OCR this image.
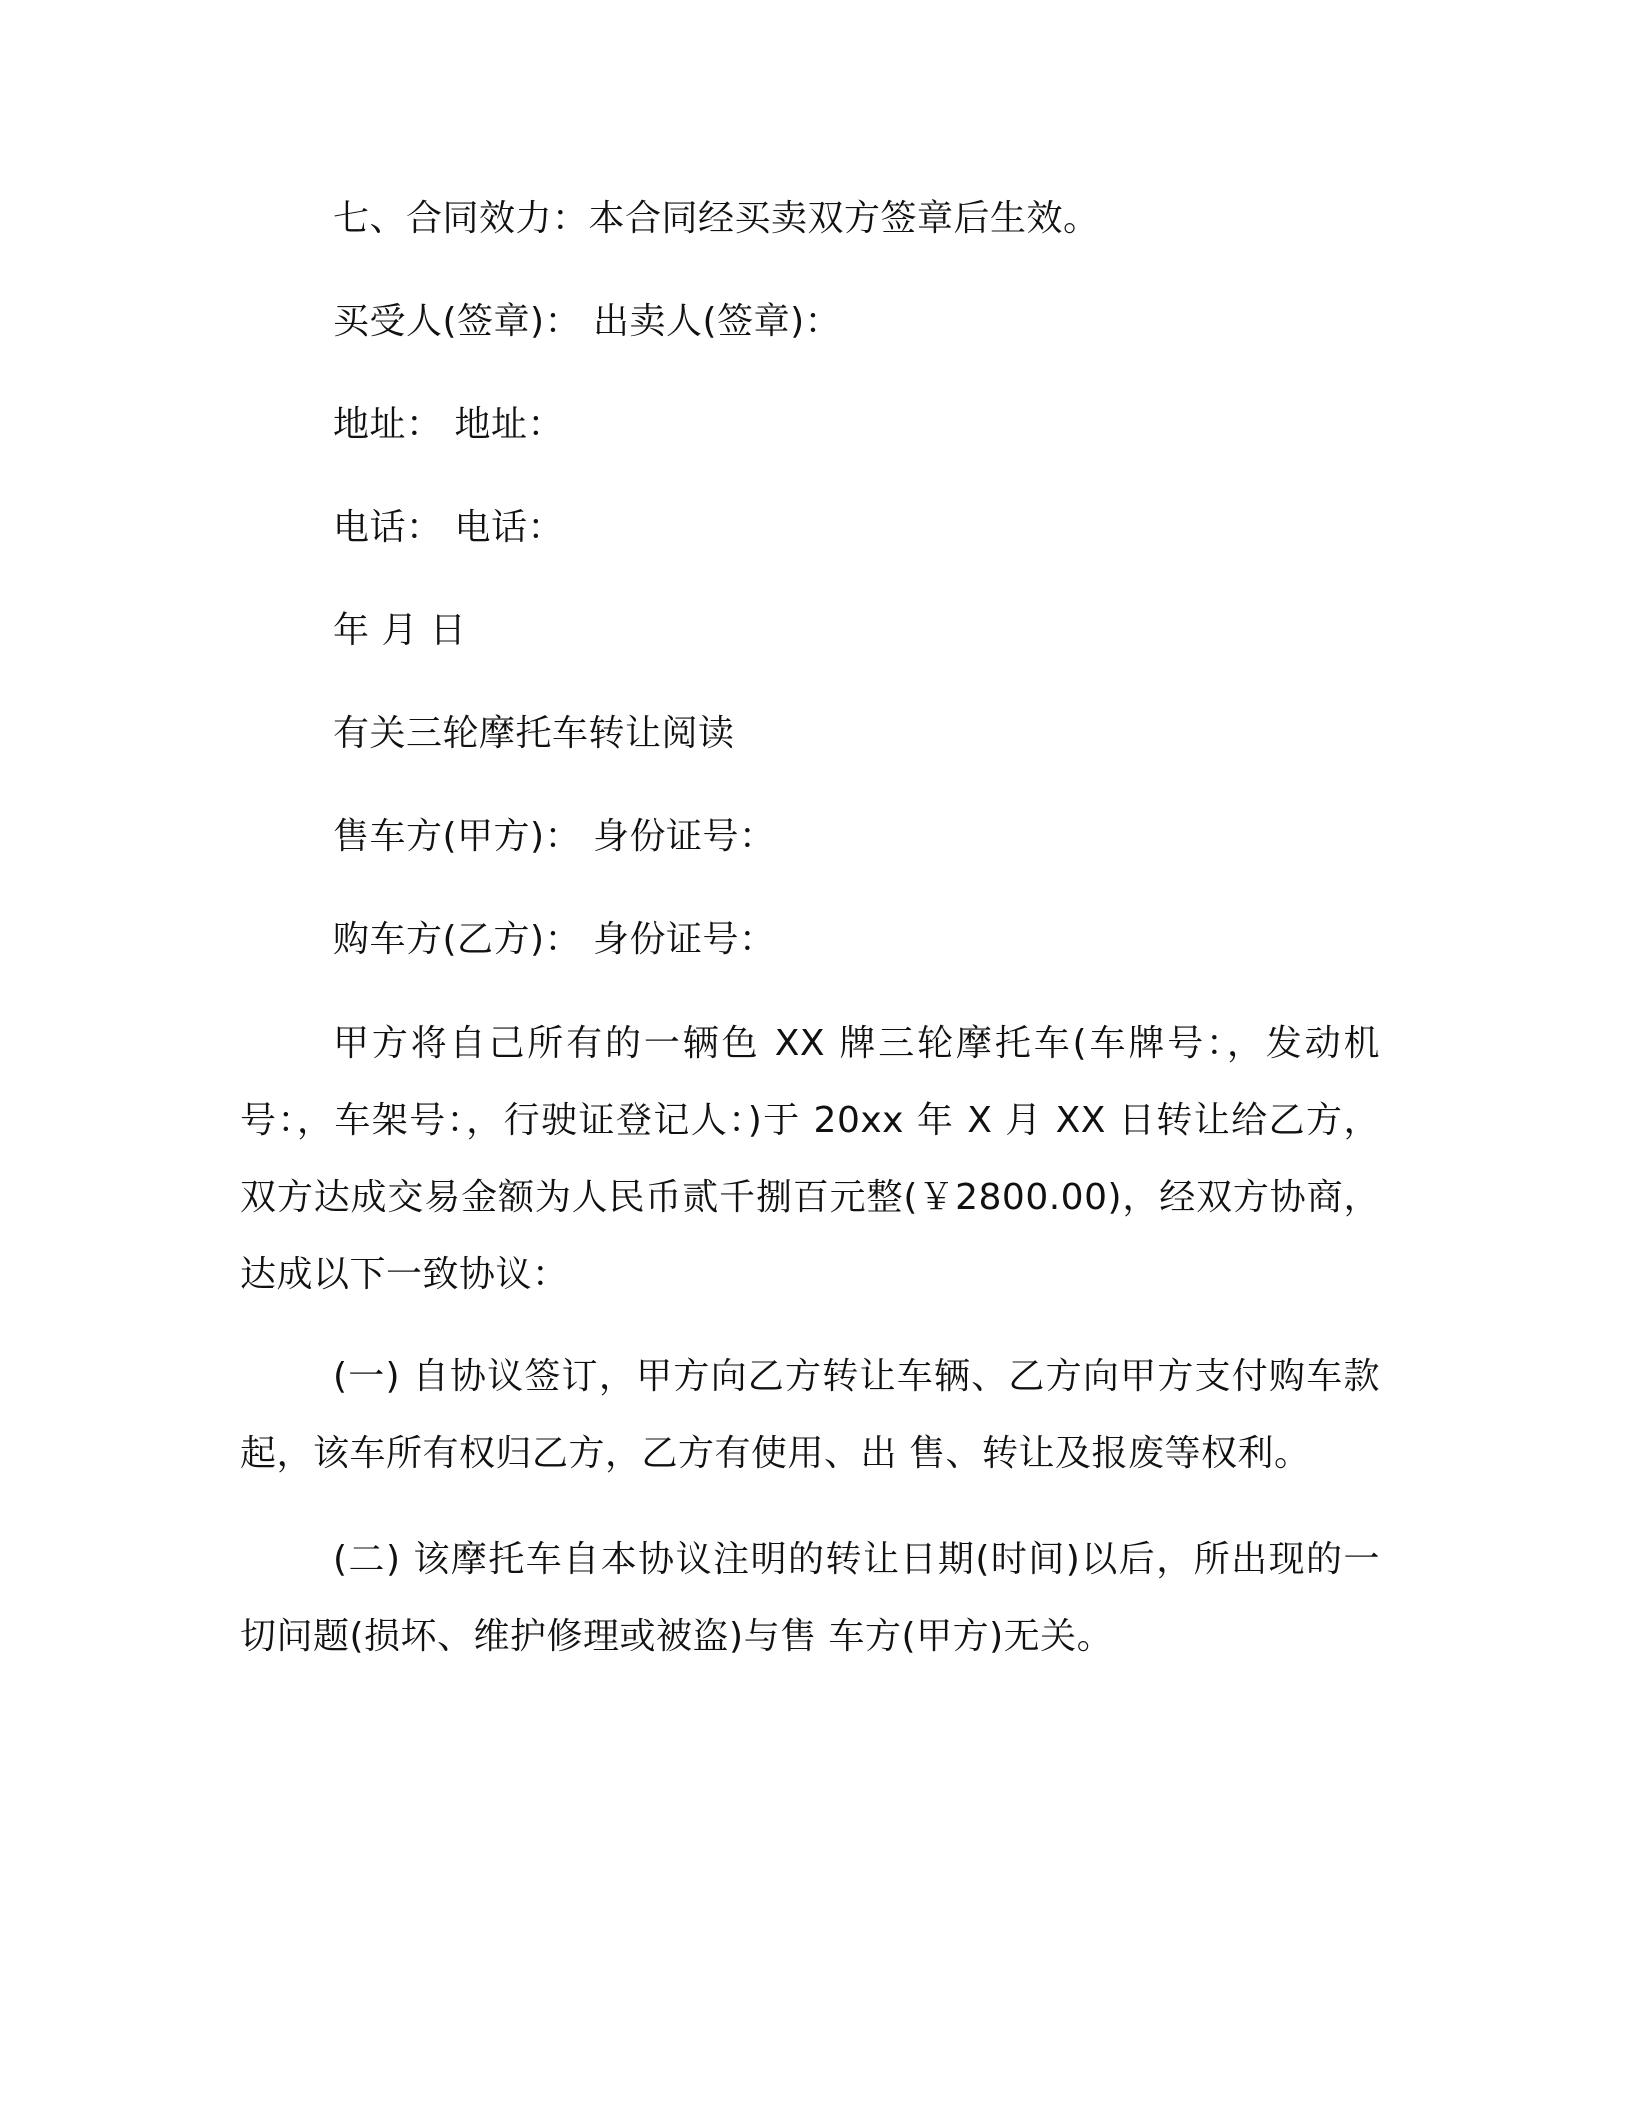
七、合同效力：本合同经买卖双方签章后生效。
买受人(签章)： 出卖人(签章)：
地址： 地址：
电话： 电话：
年 月 日
有关三轮摩托车转让阅读
售车方(甲方)： 身份证号：
购车方(乙方)： 身份证号：
甲方将自己所有的一辆色 XX 牌三轮摩托车(车牌号：，发动机号：，车架号：，行驶证登记人：)于 20xx 年 X 月 XX 日转让给乙方，双方达成交易金额为人民币贰千捌百元整(￥2800.00)，经双方协商，达成以下一致协议：
(一) 自协议签订，甲方向乙方转让车辆、乙方向甲方支付购车款起，该车所有权归乙方，乙方有使用、出 售、转让及报废等权利。
(二) 该摩托车自本协议注明的转让日期(时间)以后，所出现的一切问题(损坏、维护修理或被盗)与售 车方(甲方)无关。
